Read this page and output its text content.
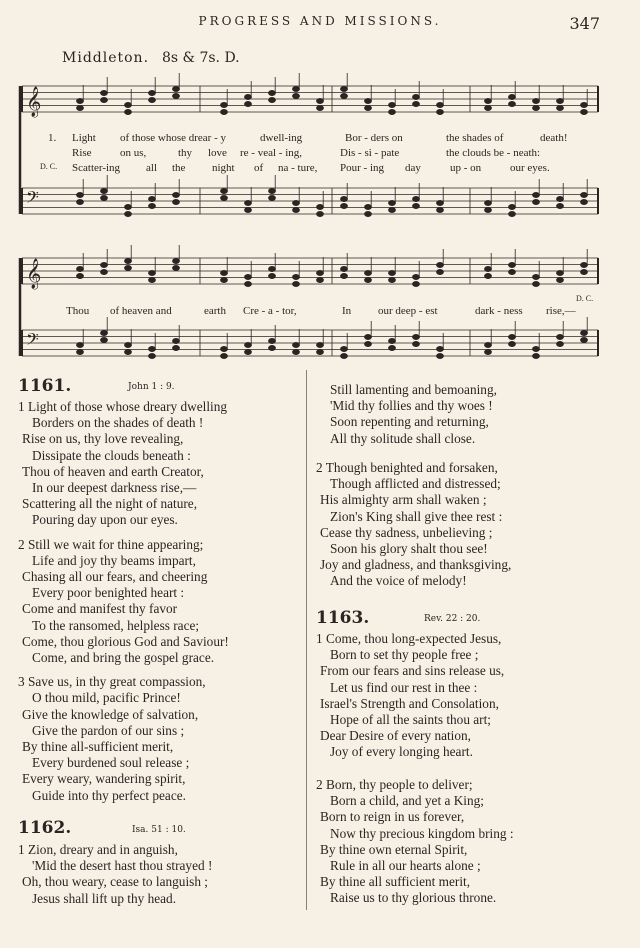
PROGRESS AND MISSIONS.	347
Middleton. 8s & 7s. D.
𝄞
𝄢
𝄞
𝄢
1. Light of those whose drear - y	dwell-ing	Bor - ders on	the shades of	death!
Rise	on us,	thy love re - veal - ing,	Dis - si - pate	the clouds be - neath:
D. C. Scatter-ing all the night of na - ture, Pour - ing day	up - on	our eyes.
Thou of heaven and	earth Cre - a - tor,	In our deep - est	dark - ness rise,—
D. C.
1161.	John 1 : 9.
1162.	Isa. 51 : 10.
1163.	Rev. 22 : 20.
1 Light of those whose dreary dwelling
Borders on the shades of death !
Rise on us, thy love revealing,
Dissipate the clouds beneath :
Thou of heaven and earth Creator,
In our deepest darkness rise,—
Scattering all the night of nature,
Pouring day upon our eyes.
2 Still we wait for thine appearing;
Life and joy thy beams impart,
Chasing all our fears, and cheering
Every poor benighted heart :
Come and manifest thy favor
To the ransomed, helpless race;
Come, thou glorious God and Saviour!
Come, and bring the gospel grace.
3 Save us, in thy great compassion,
O thou mild, pacific Prince!
Give the knowledge of salvation,
Give the pardon of our sins ;
By thine all-sufficient merit,
Every burdened soul release ;
Every weary, wandering spirit,
Guide into thy perfect peace.
1 Zion, dreary and in anguish,
'Mid the desert hast thou strayed !
Oh, thou weary, cease to languish ;
Jesus shall lift up thy head.
Still lamenting and bemoaning,
'Mid thy follies and thy woes !
Soon repenting and returning,
All thy solitude shall close.
2 Though benighted and forsaken,
Though afflicted and distressed;
His almighty arm shall waken ;
Zion's King shall give thee rest :
Cease thy sadness, unbelieving ;
Soon his glory shalt thou see!
Joy and gladness, and thanksgiving,
And the voice of melody!
1 Come, thou long-expected Jesus,
Born to set thy people free ;
From our fears and sins release us,
Let us find our rest in thee :
Israel's Strength and Consolation,
Hope of all the saints thou art;
Dear Desire of every nation,
Joy of every longing heart.
2 Born, thy people to deliver;
Born a child, and yet a King;
Born to reign in us forever,
Now thy precious kingdom bring :
By thine own eternal Spirit,
Rule in all our hearts alone ;
By thine all sufficient merit,
Raise us to thy glorious throne.
